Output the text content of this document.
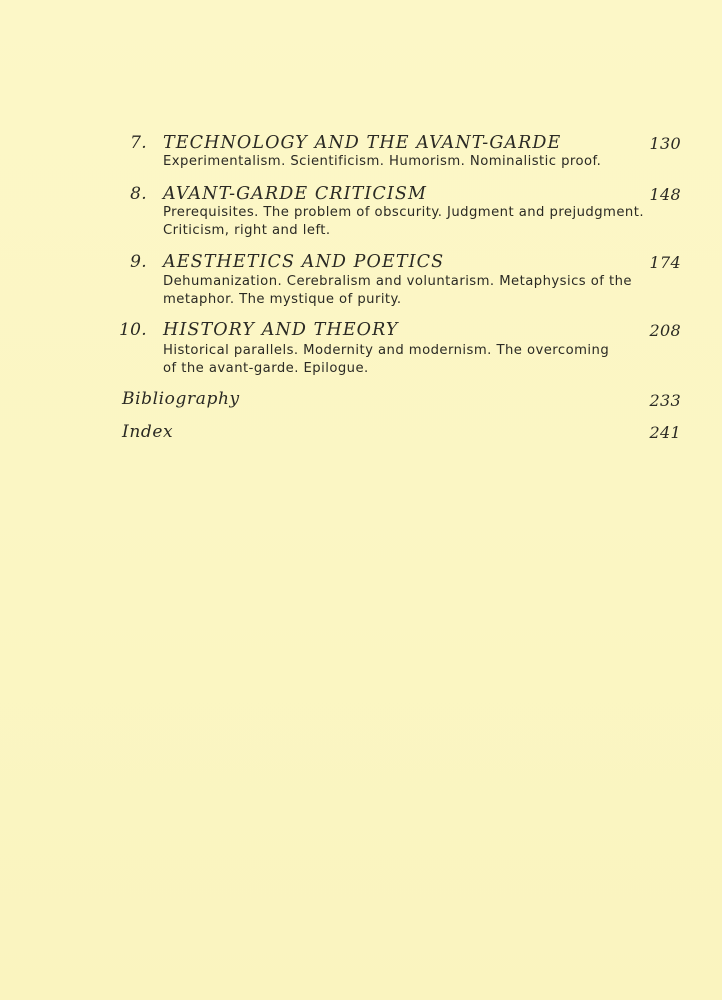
7. TECHNOLOGY AND THE AVANT-GARDE	130
Experimentalism. Scientificism. Humorism. Nominalistic proof.
8. AVANT-GARDE CRITICISM	148
Prerequisites. The problem of obscurity. Judgment and prejudgment.
Criticism, right and left.
9. AESTHETICS AND POETICS	174
Dehumanization. Cerebralism and voluntarism. Metaphysics of the
metaphor. The mystique of purity.
10. HISTORY AND THEORY	208
Historical parallels. Modernity and modernism. The overcoming
of the avant-garde. Epilogue.
Bibliography	233
Index	241
